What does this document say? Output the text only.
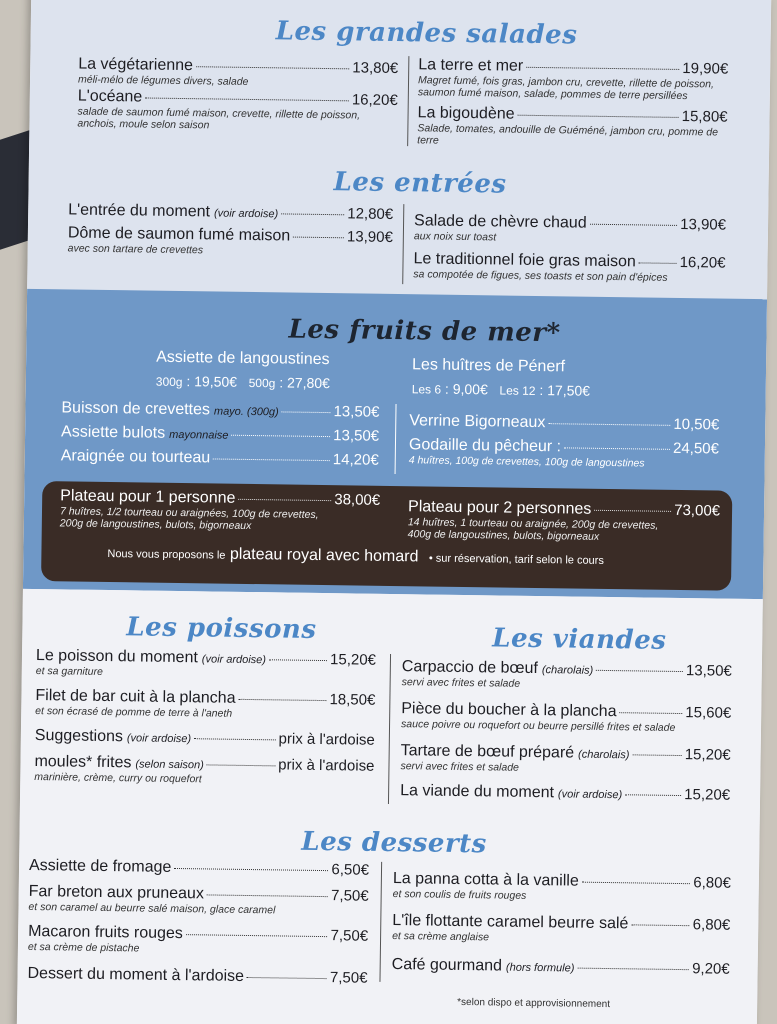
Les grandes salades
La végétarienne	13,80€
méli-mélo de légumes divers, salade
L'océane	16,20€
salade de saumon fumé maison, crevette, rillette de poisson, anchois, moule selon saison
La terre et mer	19,90€
Magret fumé, fois gras, jambon cru, crevette, rillette de poisson, saumon fumé maison, salade, pommes de terre persillées
La bigoudène	15,80€
Salade, tomates, andouille de Guéméné, jambon cru, pomme de terre
Les entrées
L'entrée du moment (voir ardoise)	12,80€
Dôme de saumon fumé maison	13,90€
avec son tartare de crevettes
Salade de chèvre chaud	13,90€
aux noix sur toast
Le traditionnel foie gras maison	16,20€
sa compotée de figues, ses toasts et son pain d'épices
Les fruits de mer*
Assiette de langoustines
300g : 19,50€ 500g : 27,80€
Les huîtres de Pénerf
Les 6 : 9,00€ Les 12 : 17,50€
Buisson de crevettes mayo. (300g)	13,50€
Assiette bulots mayonnaise	13,50€
Araignée ou tourteau	14,20€
Verrine Bigorneaux	10,50€
Godaille du pêcheur :	24,50€
4 huîtres, 100g de crevettes, 100g de langoustines
Plateau pour 1 personne	38,00€
7 huîtres, 1/2 tourteau ou araignées, 100g de crevettes,
200g de langoustines, bulots, bigorneaux
Plateau pour 2 personnes	73,00€
14 huîtres, 1 tourteau ou araignée, 200g de crevettes,
400g de langoustines, bulots, bigorneaux
Nous vous proposons le plateau royal avec homard • sur réservation, tarif selon le cours
Les poissons
Le poisson du moment (voir ardoise)	15,20€
et sa garniture
Filet de bar cuit à la plancha	18,50€
et son écrasé de pomme de terre à l'aneth
Suggestions (voir ardoise)	prix à l'ardoise
moules* frites (selon saison)	prix à l'ardoise
marinière, crème, curry ou roquefort
Les viandes
Carpaccio de bœuf (charolais)	13,50€
servi avec frites et salade
Pièce du boucher à la plancha	15,60€
sauce poivre ou roquefort ou beurre persillé frites et salade
Tartare de bœuf préparé (charolais)	15,20€
servi avec frites et salade
La viande du moment (voir ardoise)	15,20€
Les desserts
Assiette de fromage	6,50€
Far breton aux pruneaux	7,50€
et son caramel au beurre salé maison, glace caramel
Macaron fruits rouges	7,50€
et sa crème de pistache
Dessert du moment à l'ardoise	7,50€
La panna cotta à la vanille	6,80€
et son coulis de fruits rouges
L'île flottante caramel beurre salé	6,80€
et sa crème anglaise
Café gourmand (hors formule)	9,20€
*selon dispo et approvisionnement
